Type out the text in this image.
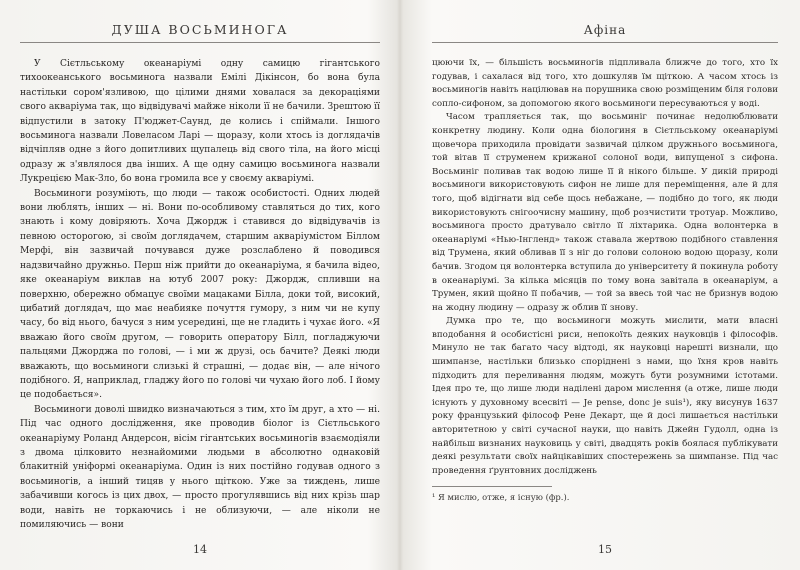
ДУША ВОСЬМИНОГА

У Сієтльському океанаріумі одну самицю гігантського тихоокеанського восьминога назвали Емілі Дікінсон, бо вона була настільки сором'язливою, що цілими днями ховалася за декораціями свого акваріума так, що відвідувачі майже ніколи її не бачили. Зрештою її відпустили в затоку П'юджет-Саунд, де колись і спіймали. Іншого восьминога назвали Ловеласом Ларі — щоразу, коли хтось із доглядачів відчіпляв одне з його допитливих щупалець від свого тіла, на його місці одразу ж з'являлося два інших. А ще одну самицю восьминога назвали Лукрецією Мак-Зло, бо вона громила все у своєму акваріумі.

Восьминоги розуміють, що люди — також особистості. Одних людей вони люблять, інших — ні. Вони по-особливому ставляться до тих, кого знають і кому довіряють. Хоча Джордж і ставився до відвідувачів із певною осторогою, зі своїм доглядачем, старшим акваріумістом Біллом Мерфі, він зазвичай почувався дуже розслаблено й поводився надзвичайно дружньо. Перш ніж прийти до океанаріума, я бачила відео, яке океанаріум виклав на ютуб 2007 року: Джордж, спливши на поверхню, обережно обмацує своїми мацаками Білла, доки той, високий, цибатий доглядач, що має неабияке почуття гумору, з ним чи не купу часу, бо від нього, бачуся з ним усередині, ще не гладить і чухає його. «Я вважаю його своїм другом, — говорить оператору Білл, погладжуючи пальцями Джорджа по голові, — і ми ж друзі, ось бачите? Деякі люди вважають, що восьминоги слизькі й страшні, — додає він, — але нічого подібного. Я, наприклад, гладжу його по голові чи чухаю його лоб. І йому це подобається».

Восьминоги доволі швидко визначаються з тим, хто їм друг, а хто — ні. Під час одного дослідження, яке проводив біолог із Сієтльського океанаріуму Роланд Андерсон, вісім гігантських восьминогів взаємодіяли з двома цілковито незнайомими людьми в абсолютно однаковій блакитній уніформі океанаріума. Один із них постійно годував одного з восьминогів, а інший тицяв у нього щіткою. Уже за тиждень, лише забачивши когось із цих двох, — просто прогулявшись від них крізь шар води, навіть не торкаючись і не облизуючи, — але ніколи не помиляючись — вони

14
Афіна

цюючи їх, — більшість восьминогів підпливала ближче до того, хто їх годував, і сахалася від того, хто дошкуляв їм щіткою. А часом хтось із восьминогів навіть націлював на порушника свою розміщеним біля голови сопло-сифоном, за допомогою якого восьминоги пересуваються у воді.

Часом трапляється так, що восьминіг починає недолюблювати конкретну людину. Коли одна біологиня в Сієтльському океанаріумі щовечора приходила провідати зазвичай цілком дружнього восьминога, той вітав її струменем крижаної солоної води, випущеної з сифона. Восьминіг поливав так водою лише її й нікого більше. У дикій природі восьминоги використовують сифон не лише для переміщення, але й для того, щоб відігнати від себе щось небажане, — подібно до того, як люди використовують снігоочисну машину, щоб розчистити тротуар. Можливо, восьминога просто дратувало світло її ліхтарика. Одна волонтерка в океанаріумі «Нью-Інгленд» також ставала жертвою подібного ставлення від Трумена, який обливав її з ніг до голови солоною водою щоразу, коли бачив. Згодом ця волонтерка вступила до університету й покинула роботу в океанаріумі. За кілька місяців по тому вона завітала в океанаріум, а Трумен, який щойно її побачив, — той за ввесь той час не бризнув водою на жодну людину — одразу ж облив її знову.

Думка про те, що восьминоги можуть мислити, мати власні вподобання й особистісні риси, непокоїть деяких науковців і філософів. Минуло не так багато часу відтоді, як науковці нарешті визнали, що шимпанзе, настільки близько споріднені з нами, що їхня кров навіть підходить для переливання людям, можуть бути розумними істотами. Ідея про те, що лише люди наділені даром мислення (а отже, лише люди існують у духовному всесвіті — Je pense, donc je suis¹), яку висунув 1637 року французький філософ Рене Декарт, ще й досі лишається настільки авторитетною у світі сучасної науки, що навіть Джейн Гудолл, одна із найбільш визнаних науковиць у світі, двадцять років боялася публікувати деякі результати своїх найцікавіших спостережень за шимпанзе. Під час проведення ґрунтовних досліджень

¹ Я мислю, отже, я існую (фр.).
15
